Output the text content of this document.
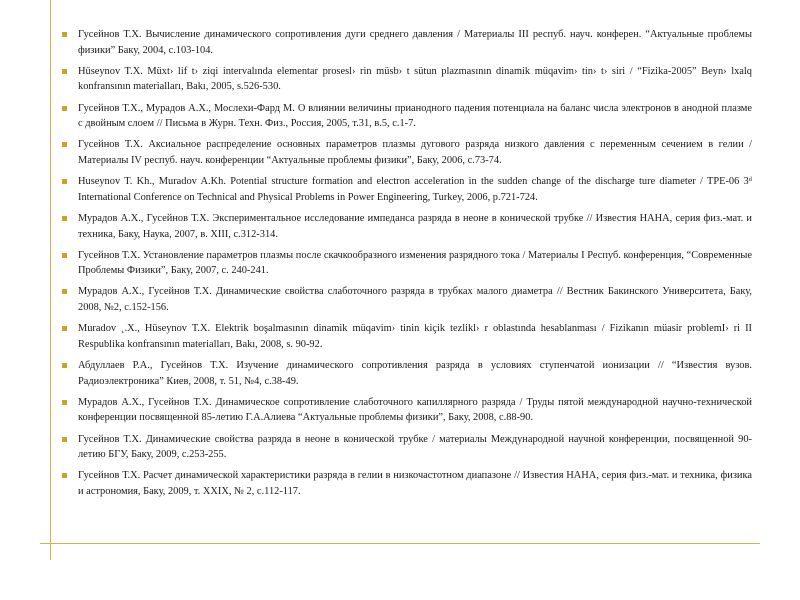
Гусейнов Т.Х. Вычисление динамического сопротивления дуги среднего давления / Материалы III респуб. науч. конферен. “Актуальные проблемы физики” Баку, 2004, с.103-104.
Hüseynov T.X. Müxt› lif t› ziqi intervalında elementar prosesl› rin müsb› t sütun plazmasının dinamik müqavim› tin› t› siri / “Fizika-2005” Beyn› lxalq konfransının materialları, Bakı, 2005, s.526-530.
Гусейнов Т.Х., Мурадов А.Х., Мослехи-Фард М. О влиянии величины прианодного падения потенциала на баланс числа электронов в анодной плазме с двойным слоем // Письма в Журн. Техн. Физ., Россия, 2005, т.31, в.5, с.1-7.
Гусейнов Т.Х. Аксиальное распределение основных параметров плазмы дугового разряда низкого давления с переменным сечением в гелии / Материалы IV респуб. науч. конференции “Актуальные проблемы физики”, Баку, 2006, с.73-74.
Huseynov T. Kh., Muradov A.Kh. Potential structure formation and electron acceleration in the sudden change of the discharge ture diameter / TPE-06 3ᵈ International Conference on Technical and Physical Problems in Power Engineering, Turkey, 2006, p.721-724.
Мурадов А.Х., Гусейнов Т.Х. Экспериментальное исследование импеданса разряда в неоне в конической трубке // Известия НАНА, серия физ.-мат. и техника, Баку, Наука, 2007, в. XIII, с.312-314.
Гусейнов Т.Х. Установление параметров плазмы после скачкообразного изменения разрядного тока / Материалы I Респуб. конференция, “Современные Проблемы Физики”, Баку, 2007, с. 240-241.
Мурадов А.Х., Гусейнов Т.Х. Динамические свойства слаботочного разряда в трубках малого диаметра // Вестник Бакинского Университета, Баку, 2008, №2, с.152-156.
Muradov ˛.X., Hüseynov T.X. Elektrik boşalmasının dinamik müqavim› tinin kiçik tezlikl› r oblastında hesablanması / Fizikanın müasir problemI› ri II Respublika konfransının materialları, Bakı, 2008, s. 90-92.
Абдуллаев Р.А., Гусейнов Т.Х. Изучение динамического сопротивления разряда в условиях ступенчатой ионизации // “Известия вузов. Радиоэлектроника” Киев, 2008, т. 51, №4, с.38-49.
Мурадов А.Х., Гусейнов Т.Х. Динамическое сопротивление слаботочного капиллярного разряда / Труды пятой международной научно-технической конференции посвященной 85-летию Г.А.Алиева “Актуальные проблемы физики”, Баку, 2008, с.88-90.
Гусейнов Т.Х. Динамические свойства разряда в неоне в конической трубке / материалы Международной научной конференции, посвященной 90-летию БГУ, Баку, 2009, с.253-255.
Гусейнов Т.Х. Расчет динамической характеристики разряда в гелии в низкочастотном диапазоне // Известия НАНА, серия физ.-мат. и техника, физика и астрономия, Баку, 2009, т. XXIX, № 2, с.112-117.
